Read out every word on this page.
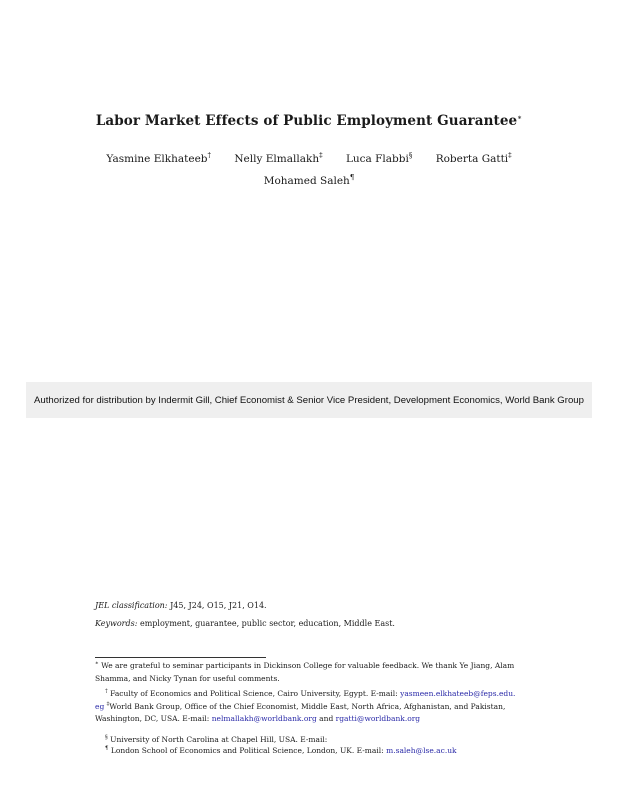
Labor Market Effects of Public Employment Guarantee∗
Yasmine Elkhateeb† Nelly Elmallakh‡ Luca Flabbi§ Roberta Gatti‡
Mohamed Saleh¶
Authorized for distribution by Indermit Gill, Chief Economist & Senior Vice President, Development Economics, World Bank Group
JEL classification: J45, J24, O15, J21, O14.
Keywords: employment, guarantee, public sector, education, Middle East.
∗ We are grateful to seminar participants in Dickinson College for valuable feedback. We thank Ye Jiang, Alam Shamma, and Nicky Tynan for useful comments.
† Faculty of Economics and Political Science, Cairo University, Egypt. E-mail: yasmeen.elkhateeb@feps.edu.
eg ‡World Bank Group, Office of the Chief Economist, Middle East, North Africa, Afghanistan, and Pakistan, Washington, DC, USA. E-mail: nelmallakh@worldbank.org and rgatti@worldbank.org
§ University of North Carolina at Chapel Hill, USA. E-mail:
¶ London School of Economics and Political Science, London, UK. E-mail: m.saleh@lse.ac.uk
